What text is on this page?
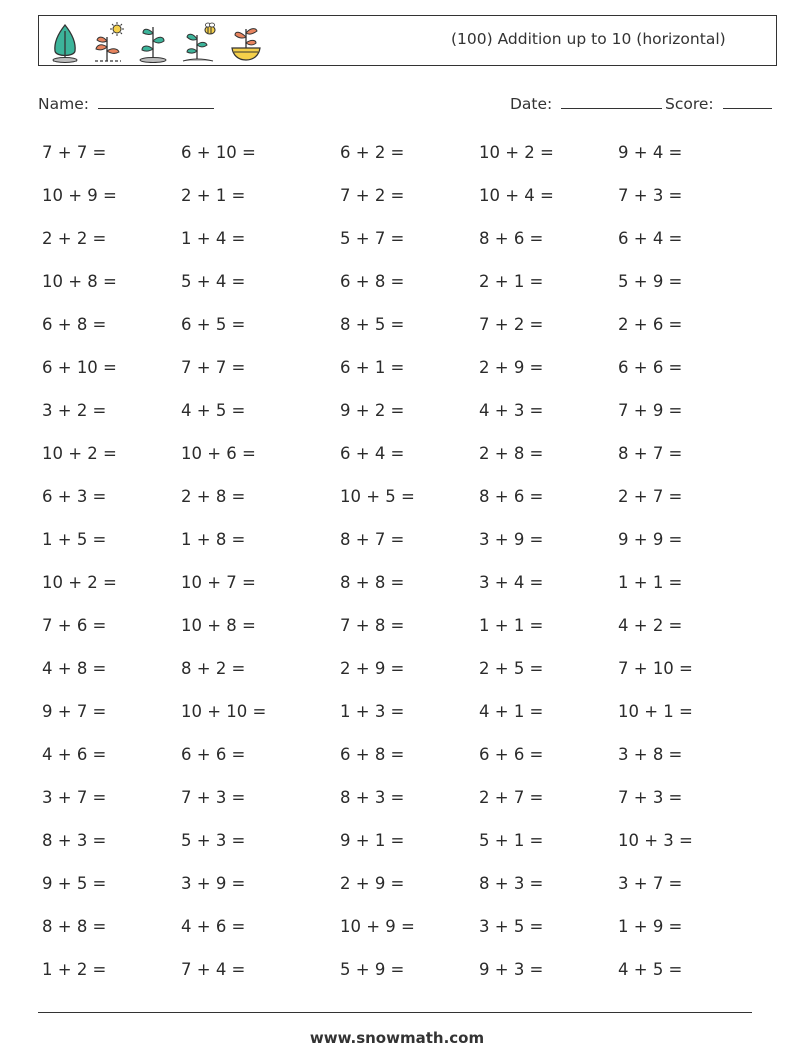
(100) Addition up to 10 (horizontal)
Name:	Date:	Score:
7 + 7 =	6 + 10 =	6 + 2 =	10 + 2 =	9 + 4 =
10 + 9 =	2 + 1 =	7 + 2 =	10 + 4 =	7 + 3 =
2 + 2 =	1 + 4 =	5 + 7 =	8 + 6 =	6 + 4 =
10 + 8 =	5 + 4 =	6 + 8 =	2 + 1 =	5 + 9 =
6 + 8 =	6 + 5 =	8 + 5 =	7 + 2 =	2 + 6 =
6 + 10 =	7 + 7 =	6 + 1 =	2 + 9 =	6 + 6 =
3 + 2 =	4 + 5 =	9 + 2 =	4 + 3 =	7 + 9 =
10 + 2 =	10 + 6 =	6 + 4 =	2 + 8 =	8 + 7 =
6 + 3 =	2 + 8 =	10 + 5 =	8 + 6 =	2 + 7 =
1 + 5 =	1 + 8 =	8 + 7 =	3 + 9 =	9 + 9 =
10 + 2 =	10 + 7 =	8 + 8 =	3 + 4 =	1 + 1 =
7 + 6 =	10 + 8 =	7 + 8 =	1 + 1 =	4 + 2 =
4 + 8 =	8 + 2 =	2 + 9 =	2 + 5 =	7 + 10 =
9 + 7 =	10 + 10 =	1 + 3 =	4 + 1 =	10 + 1 =
4 + 6 =	6 + 6 =	6 + 8 =	6 + 6 =	3 + 8 =
3 + 7 =	7 + 3 =	8 + 3 =	2 + 7 =	7 + 3 =
8 + 3 =	5 + 3 =	9 + 1 =	5 + 1 =	10 + 3 =
9 + 5 =	3 + 9 =	2 + 9 =	8 + 3 =	3 + 7 =
8 + 8 =	4 + 6 =	10 + 9 =	3 + 5 =	1 + 9 =
1 + 2 =	7 + 4 =	5 + 9 =	9 + 3 =	4 + 5 =
www.snowmath.com
